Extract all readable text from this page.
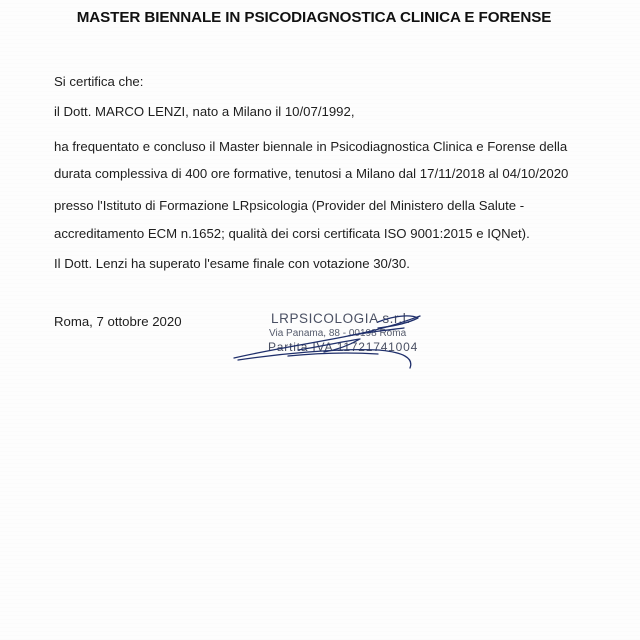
MASTER BIENNALE IN PSICODIAGNOSTICA CLINICA E FORENSE
Si certifica che:
il Dott. MARCO LENZI, nato a Milano il 10/07/1992,
ha frequentato e concluso il Master biennale in Psicodiagnostica Clinica e Forense della
durata complessiva di 400 ore formative, tenutosi a Milano dal 17/11/2018 al 04/10/2020
presso l'Istituto di Formazione LRpsicologia (Provider del Ministero della Salute -
accreditamento ECM n.1652; qualità dei corsi certificata ISO 9001:2015 e IQNet).
Il Dott. Lenzi ha superato l'esame finale con votazione 30/30.
Roma, 7 ottobre 2020	LRPSICOLOGIA s.r.l.
Via Panama, 88 - 00198 Roma
Partita IVA 11721741004
